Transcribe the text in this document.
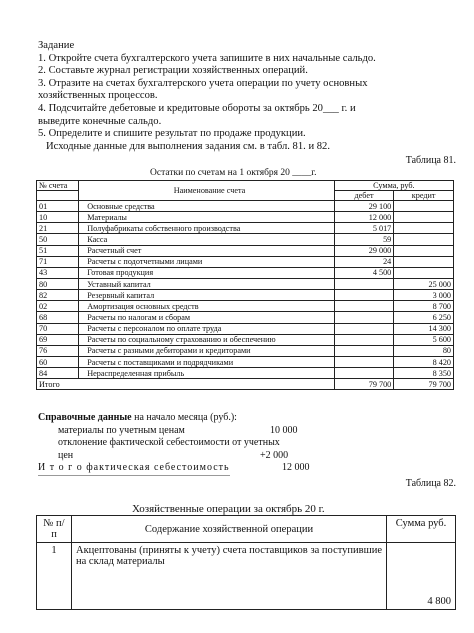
Задание
1. Откройте счета бухгалтерского учета запишите в них начальные сальдо.
2. Составьте журнал регистрации хозяйственных операций.
3. Отразите на счетах бухгалтерского учета операции по учету основных
хозяйственных процессов.
4. Подсчитайте дебетовые и кредитовые обороты за октябрь 20___ г. и
выведите конечные сальдо.
5. Определите и спишите результат по продаже продукции.
Исходные данные для выполнения задания см. в табл. 81. и 82.
Таблица 81.
Остатки по счетам на 1 октября 20 ____г.
№ счета	Наименование счета	Сумма, руб.	
		дебет	кредит
01	Основные средства	29 100	
10	Материалы	12 000	
21	Полуфабрикаты собственного производства	5 017	
50	Касса	59	
51	Расчетный счет	29 000	
71	Расчеты с подотчетными лицами	24	
43	Готовая продукция	4 500	
80	Уставный капитал		25 000
82	Резервный капитал		3 000
02	Амортизация основных средств		8 700
68	Расчеты по налогам и сборам		6 250
70	Расчеты с персоналом по оплате труда		14 300
69	Расчеты по социальному страхованию и обеспечению		5 600
76	Расчеты с разными дебиторами и кредиторами		80
60	Расчеты с поставщиками и подрядчиками		8 420
84	Нераспределенная прибыль		8 350
Итого		79 700	79 700
Справочные данные на начало месяца (руб.):
материалы по учетным ценам	10 000
отклонение фактической себестоимости от учетных
цен	+2 000
И т о г о фактическая себестоимость	12 000
Таблица 82.
Хозяйственные операции за октябрь 20 г.
№ п/п	Содержание хозяйственной операции	Сумма руб.
1	Акцептованы (приняты к учету) счета поставщиков за поступившие на склад материалы	4 800
